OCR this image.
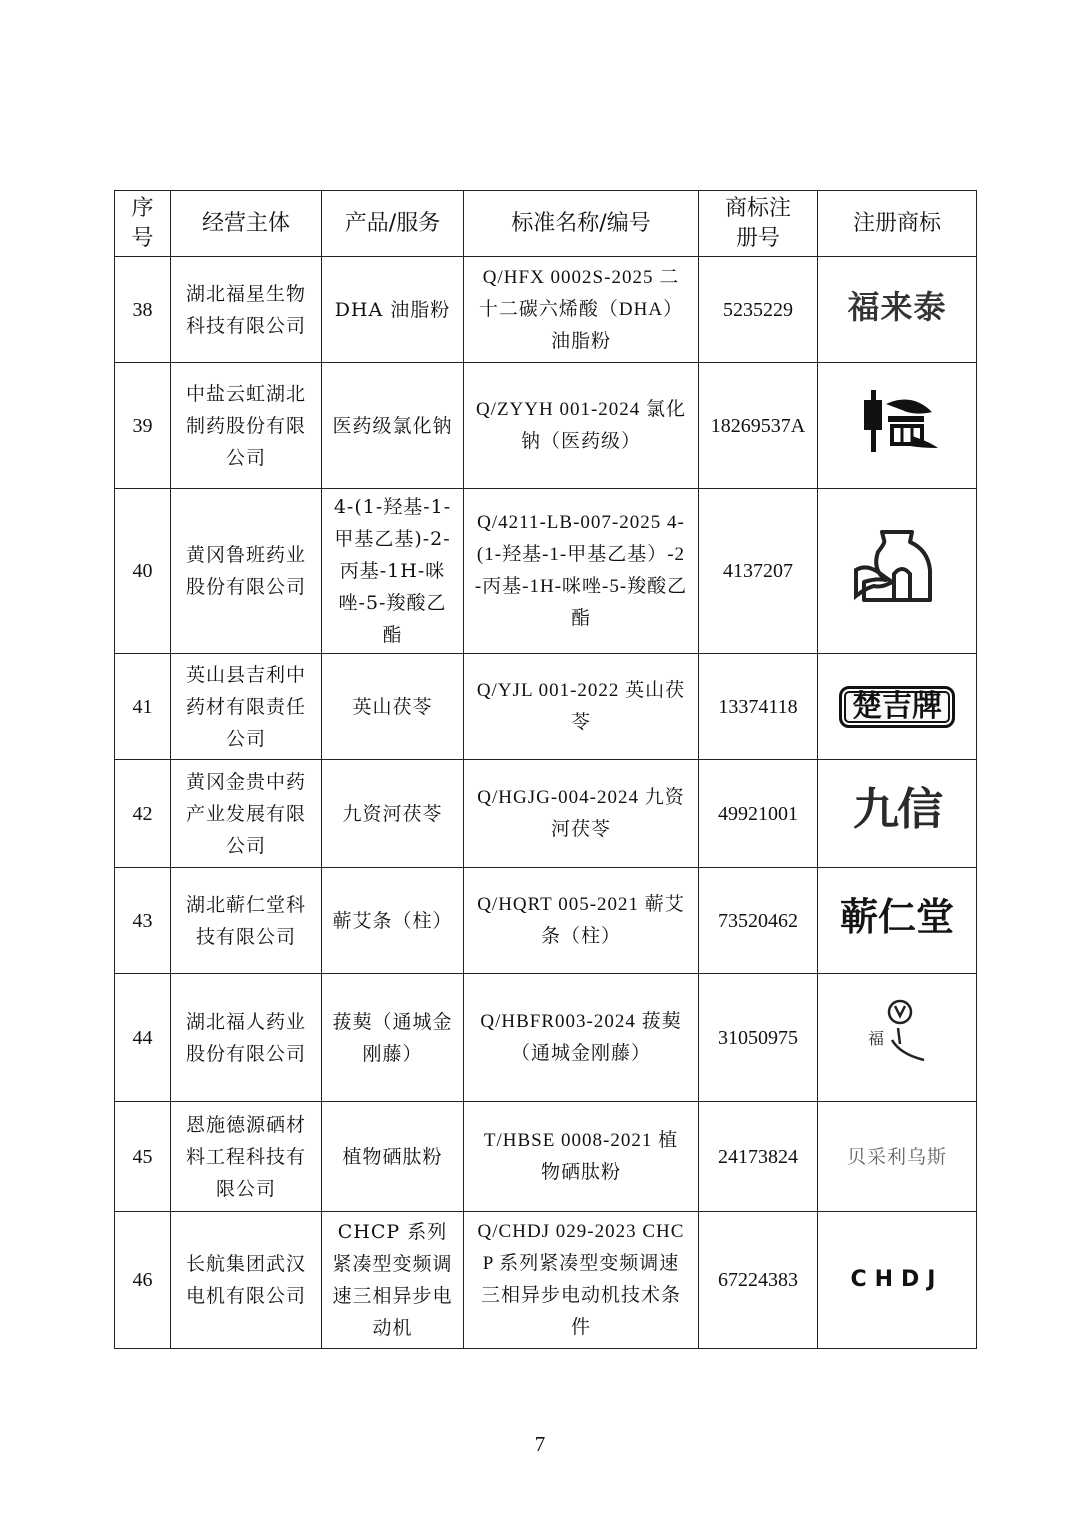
序号	经营主体	产品/服务	标准名称/编号	商标注册号	注册商标
38	湖北福星生物科技有限公司	DHA 油脂粉	Q/HFX 0002S-2025 二十二碳六烯酸（DHA）油脂粉	5235229	福来泰
39	中盐云虹湖北制药股份有限公司	医药级氯化钠	Q/ZYYH 001-2024 氯化钠（医药级）	18269537A	
40	黄冈鲁班药业股份有限公司	4-(1-羟基-1-甲基乙基)-2-丙基-1H-咪唑-5-羧酸乙酯	Q/4211-LB-007-2025 4-(1-羟基-1-甲基乙基）-2-丙基-1H-咪唑-5-羧酸乙酯	4137207	
41	英山县吉利中药材有限责任公司	英山茯苓	Q/YJL 001-2022 英山茯苓	13374118	楚吉牌
42	黄冈金贵中药产业发展有限公司	九资河茯苓	Q/HGJG-004-2024 九资河茯苓	49921001	九信
43	湖北蕲仁堂科技有限公司	蕲艾条（柱）	Q/HQRT 005-2021 蕲艾条（柱）	73520462	蕲仁堂
44	湖北福人药业股份有限公司	菝葜（通城金刚藤）	Q/HBFR003-2024 菝葜（通城金刚藤）	31050975	福

45	恩施德源硒材料工程科技有限公司	植物硒肽粉	T/HBSE 0008-2021 植物硒肽粉	24173824	贝采利乌斯
46	长航集团武汉电机有限公司	CHCP 系列紧凑型变频调速三相异步电动机	Q/CHDJ 029-2023 CHCP 系列紧凑型变频调速三相异步电动机技术条件	67224383	CHDJ
7
